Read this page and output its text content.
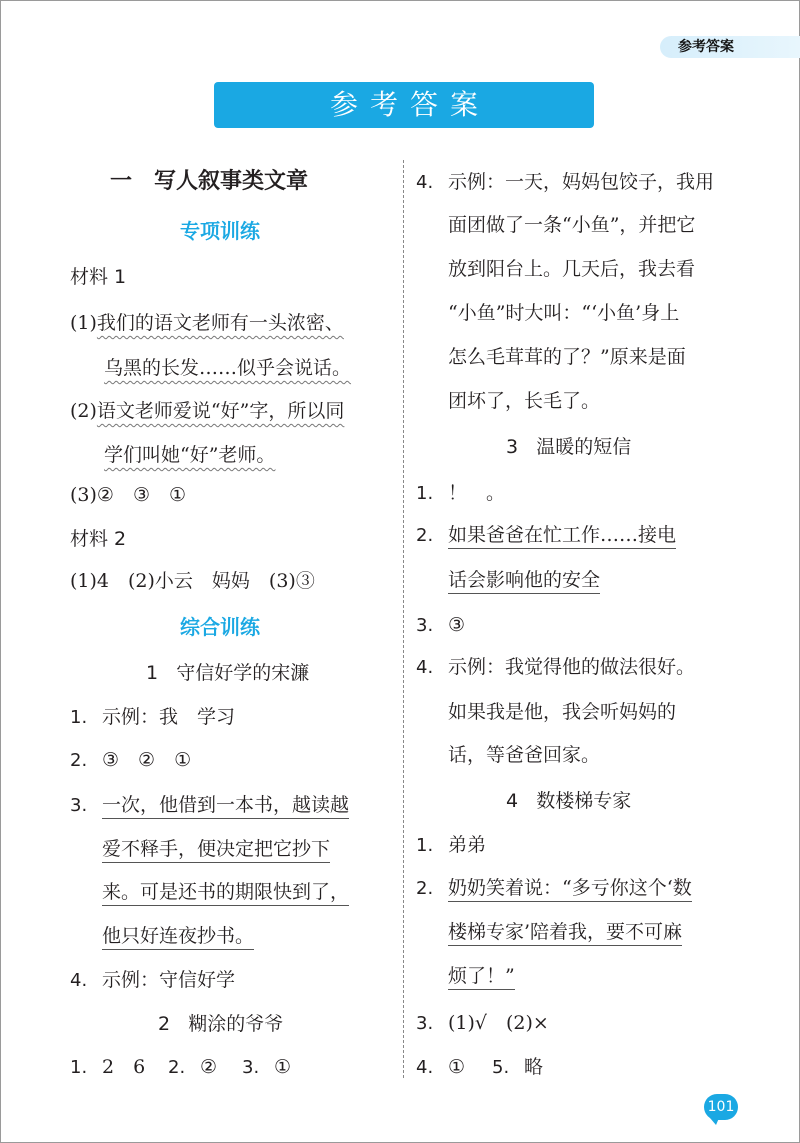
参考答案
参考答案
一　写人叙事类文章
专项训练
材料 1
(1)我们的语文老师有一头浓密、
乌黑的长发……似乎会说话。
(2)语文老师爱说“好”字，所以同
学们叫她“好”老师。
(3)②　③　①
材料 2
(1)4　(2)小云　妈妈　(3)③
综合训练
1 守信好学的宋濂
1. 示例：我　学习
2. ③　②　①
3. 一次，他借到一本书，越读越
爱不释手，便决定把它抄下
来。可是还书的期限快到了，
他只好连夜抄书。
4. 示例：守信好学
2 糊涂的爷爷
1. 2　6 2. ② 3. ①
4. 示例：一天，妈妈包饺子，我用
面团做了一条“小鱼”，并把它
放到阳台上。几天后，我去看
“小鱼”时大叫：“‘小鱼’身上
怎么毛茸茸的了？”原来是面
团坏了，长毛了。
3 温暖的短信
1. ！　。
2. 如果爸爸在忙工作……接电
话会影响他的安全
3. ③
4. 示例：我觉得他的做法很好。
如果我是他，我会听妈妈的
话，等爸爸回家。
4 数楼梯专家
1. 弟弟
2. 奶奶笑着说：“多亏你这个‘数
楼梯专家’陪着我，要不可麻
烦了！”
3. (1)√　(2)×
4. ① 5. 略
101
